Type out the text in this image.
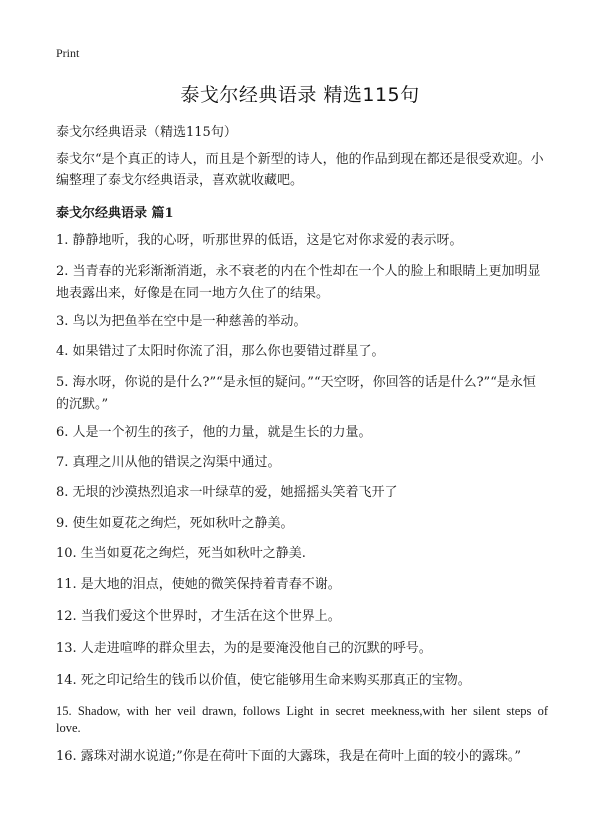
Print
泰戈尔经典语录 精选115句
泰戈尔经典语录（精选115句）
泰戈尔“是个真正的诗人，而且是个新型的诗人，他的作品到现在都还是很受欢迎。小编整理了泰戈尔经典语录，喜欢就收藏吧。
泰戈尔经典语录 篇1
1. 静静地听，我的心呀，听那世界的低语，这是它对你求爱的表示呀。
2. 当青春的光彩渐渐消逝，永不衰老的内在个性却在一个人的脸上和眼睛上更加明显地表露出来，好像是在同一地方久住了的结果。
3. 鸟以为把鱼举在空中是一种慈善的举动。
4. 如果错过了太阳时你流了泪，那么你也要错过群星了。
5. 海水呀，你说的是什么?”“是永恒的疑问。”“天空呀，你回答的话是什么?”“是永恒的沉默。”
6. 人是一个初生的孩子，他的力量，就是生长的力量。
7. 真理之川从他的错误之沟渠中通过。
8. 无垠的沙漠热烈追求一叶绿草的爱，她摇摇头笑着飞开了
9. 使生如夏花之绚烂，死如秋叶之静美。
10. 生当如夏花之绚烂，死当如秋叶之静美.
11. 是大地的泪点，使她的微笑保持着青春不谢。
12. 当我们爱这个世界时，才生活在这个世界上。
13. 人走进喧哗的群众里去，为的是要淹没他自己的沉默的呼号。
14. 死之印记给生的钱币以价值，使它能够用生命来购买那真正的宝物。
15. Shadow, with her veil drawn, follows Light in secret meekness,with her silent steps of love.
16. 露珠对湖水说道;”你是在荷叶下面的大露珠，我是在荷叶上面的较小的露珠。”
